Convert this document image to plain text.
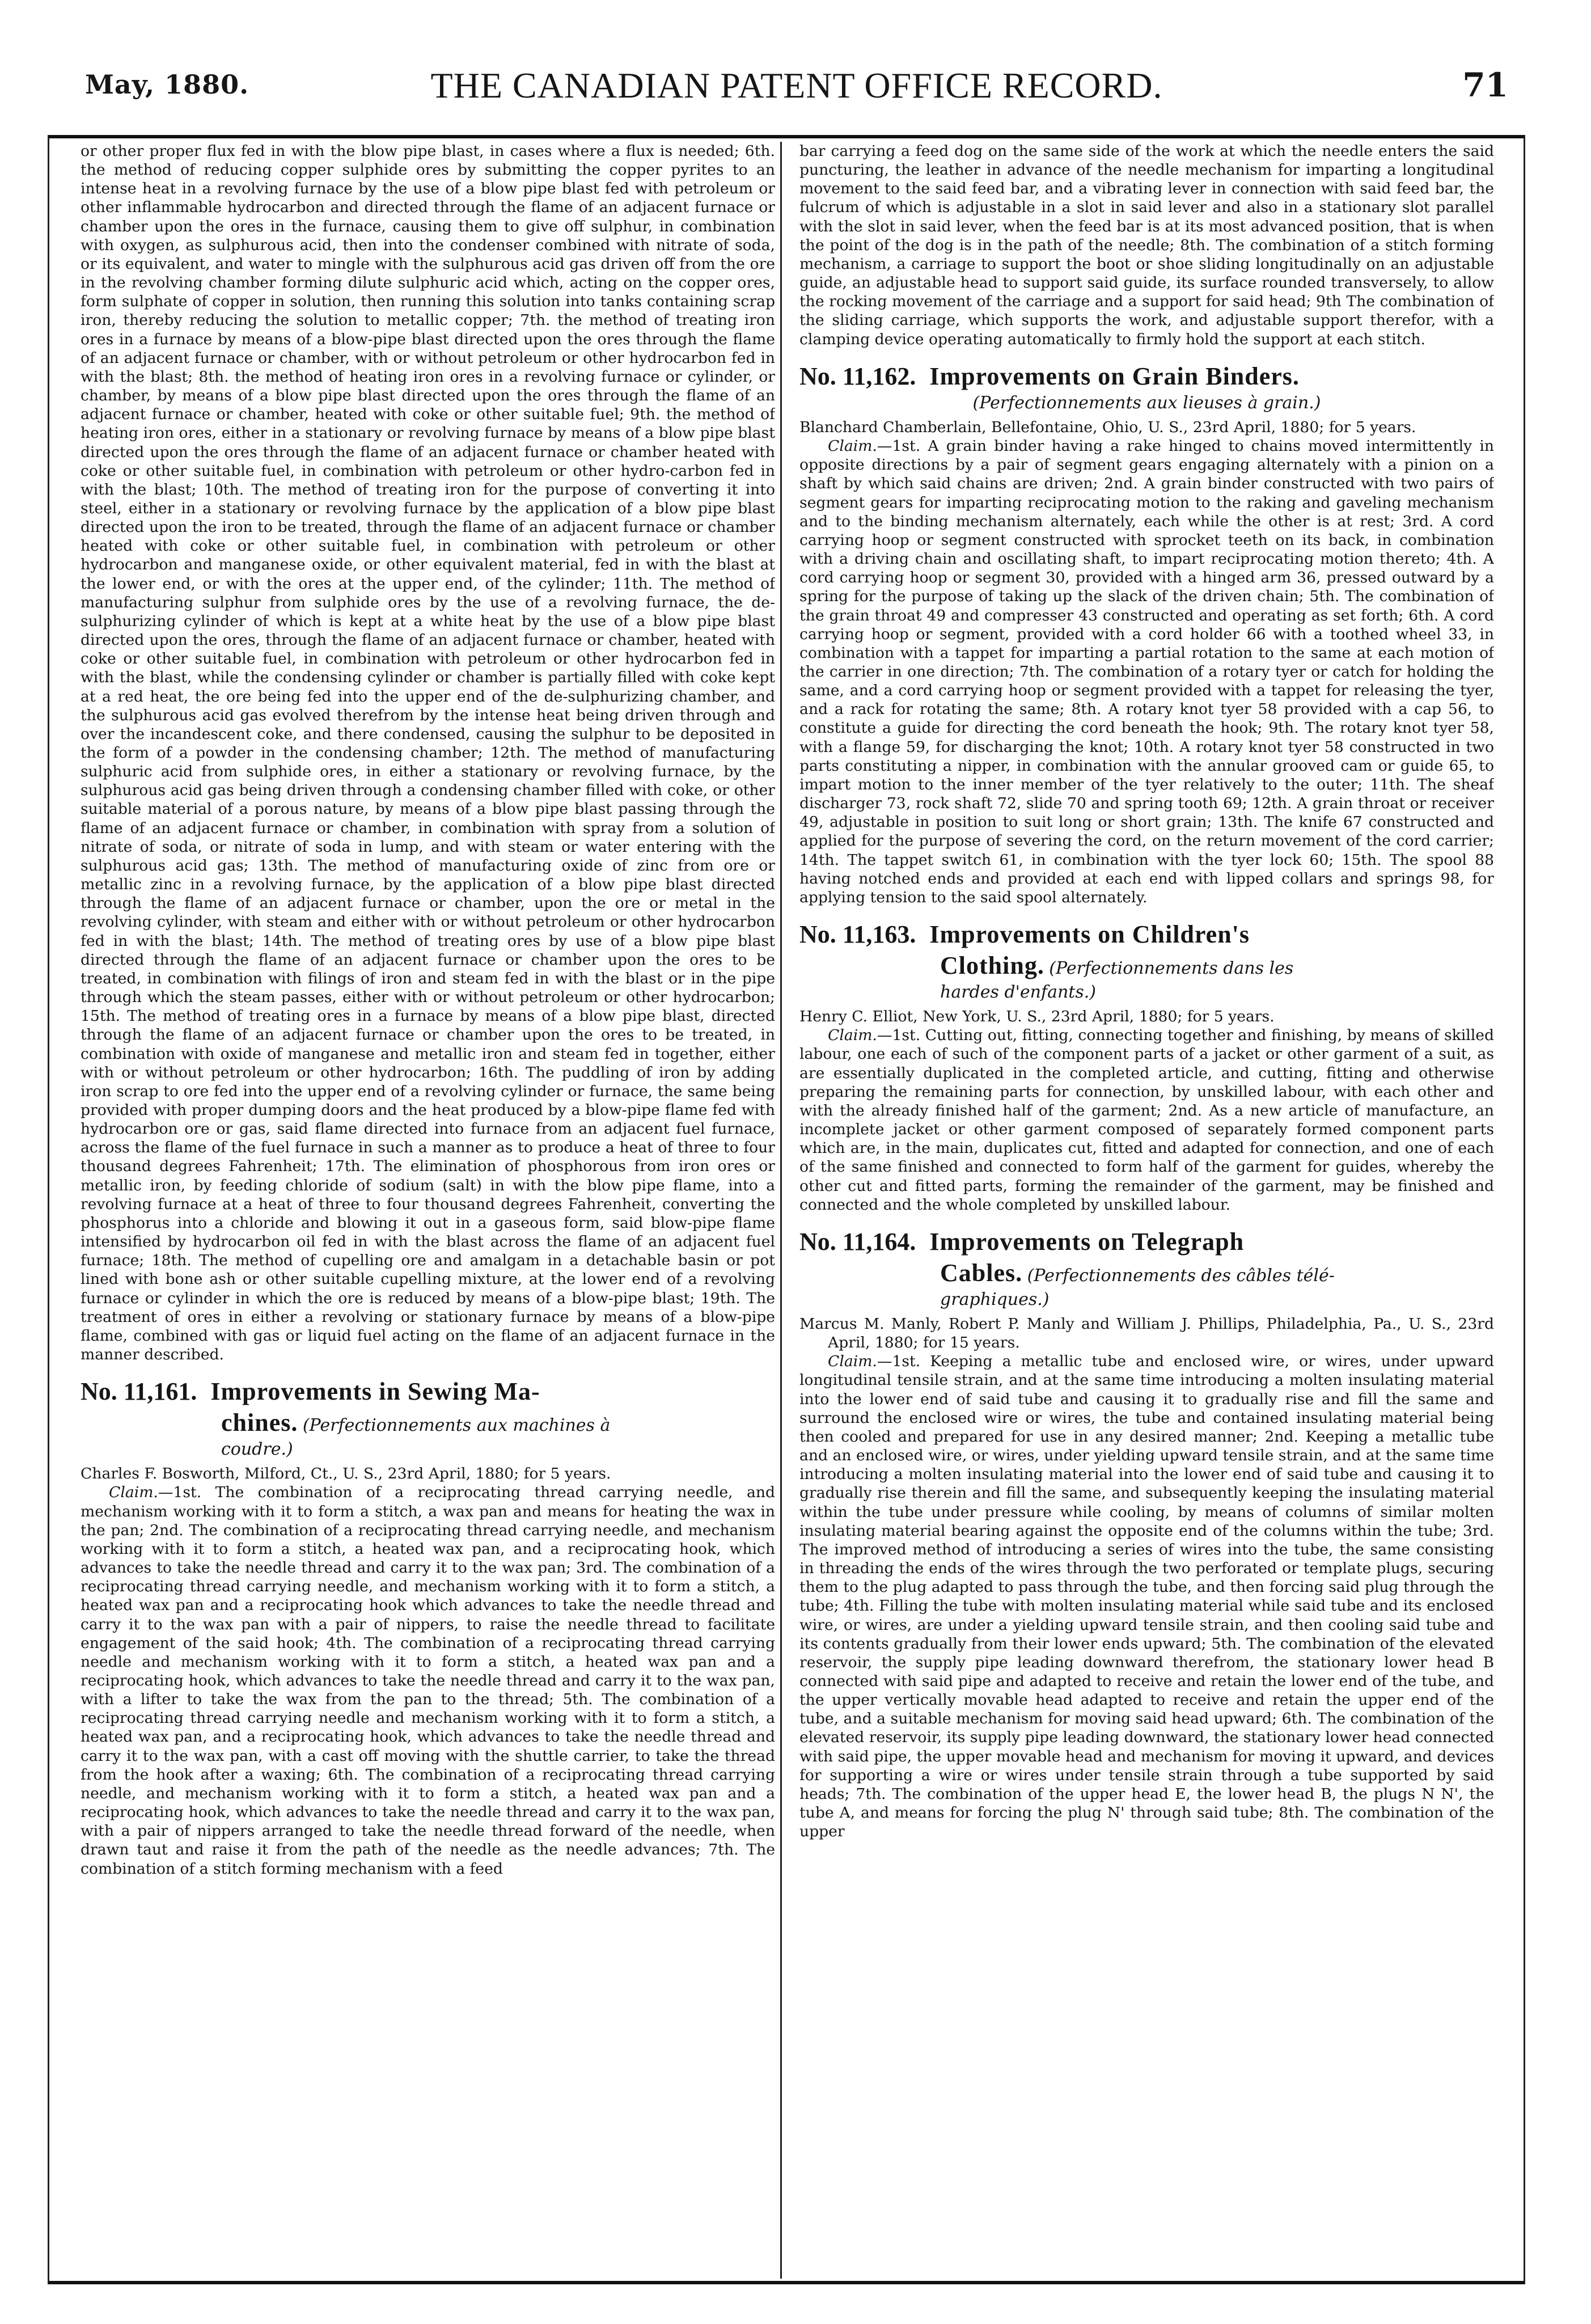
May, 1880.	THE CANADIAN PATENT OFFICE RECORD.	71

or other proper flux fed in with the blow pipe blast, in cases where a flux is needed; 6th. the method of reducing copper sulphide ores by submitting the copper pyrites to an intense heat in a revolving furnace by the use of a blow pipe blast fed with petroleum or other inflammable hydrocarbon and directed through the flame of an adjacent furnace or chamber upon the ores in the furnace, causing them to give off sulphur, in combination with oxygen, as sulphurous acid, then into the condenser combined with nitrate of soda, or its equivalent, and water to mingle with the sulphurous acid gas driven off from the ore in the revolving chamber forming dilute sulphuric acid which, acting on the copper ores, form sulphate of copper in solution, then running this solution into tanks containing scrap iron, thereby reducing the solution to metallic copper; 7th. the method of treating iron ores in a furnace by means of a blow-pipe blast directed upon the ores through the flame of an adjacent furnace or chamber, with or without petroleum or other hydrocarbon fed in with the blast; 8th. the method of heating iron ores in a revolving furnace or cylinder, or chamber, by means of a blow pipe blast directed upon the ores through the flame of an adjacent furnace or chamber, heated with coke or other suitable fuel; 9th. the method of heating iron ores, either in a stationary or revolving furnace by means of a blow pipe blast directed upon the ores through the flame of an adjacent furnace or chamber heated with coke or other suitable fuel, in combination with petroleum or other hydro-carbon fed in with the blast; 10th. The method of treating iron for the purpose of converting it into steel, either in a stationary or revolving furnace by the application of a blow pipe blast directed upon the iron to be treated, through the flame of an adjacent furnace or chamber heated with coke or other suitable fuel, in combination with petroleum or other hydrocarbon and manganese oxide, or other equivalent material, fed in with the blast at the lower end, or with the ores at the upper end, of the cylinder; 11th. The method of manufacturing sulphur from sulphide ores by the use of a revolving furnace, the de-sulphurizing cylinder of which is kept at a white heat by the use of a blow pipe blast directed upon the ores, through the flame of an adjacent furnace or chamber, heated with coke or other suitable fuel, in combination with petroleum or other hydrocarbon fed in with the blast, while the condensing cylinder or chamber is partially filled with coke kept at a red heat, the ore being fed into the upper end of the de-sulphurizing chamber, and the sulphurous acid gas evolved therefrom by the intense heat being driven through and over the incandescent coke, and there condensed, causing the sulphur to be deposited in the form of a powder in the condensing chamber; 12th. The method of manufacturing sulphuric acid from sulphide ores, in either a stationary or revolving furnace, by the sulphurous acid gas being driven through a condensing chamber filled with coke, or other suitable material of a porous nature, by means of a blow pipe blast passing through the flame of an adjacent furnace or chamber, in combination with spray from a solution of nitrate of soda, or nitrate of soda in lump, and with steam or water entering with the sulphurous acid gas; 13th. The method of manufacturing oxide of zinc from ore or metallic zinc in a revolving furnace, by the application of a blow pipe blast directed through the flame of an adjacent furnace or chamber, upon the ore or metal in the revolving cylinder, with steam and either with or without petroleum or other hydrocarbon fed in with the blast; 14th. The method of treating ores by use of a blow pipe blast directed through the flame of an adjacent furnace or chamber upon the ores to be treated, in combination with filings of iron and steam fed in with the blast or in the pipe through which the steam passes, either with or without petroleum or other hydrocarbon; 15th. The method of treating ores in a furnace by means of a blow pipe blast, directed through the flame of an adjacent furnace or chamber upon the ores to be treated, in combination with oxide of manganese and metallic iron and steam fed in together, either with or without petroleum or other hydrocarbon; 16th. The puddling of iron by adding iron scrap to ore fed into the upper end of a revolving cylinder or furnace, the same being provided with proper dumping doors and the heat produced by a blow-pipe flame fed with hydrocarbon ore or gas, said flame directed into furnace from an adjacent fuel furnace, across the flame of the fuel furnace in such a manner as to produce a heat of three to four thousand degrees Fahrenheit; 17th. The elimination of phosphorous from iron ores or metallic iron, by feeding chloride of sodium (salt) in with the blow pipe flame, into a revolving furnace at a heat of three to four thousand degrees Fahrenheit, converting the phosphorus into a chloride and blowing it out in a gaseous form, said blow-pipe flame intensified by hydrocarbon oil fed in with the blast across the flame of an adjacent fuel furnace; 18th. The method of cupelling ore and amalgam in a detachable basin or pot lined with bone ash or other suitable cupelling mixture, at the lower end of a revolving furnace or cylinder in which the ore is reduced by means of a blow-pipe blast; 19th. The treatment of ores in either a revolving or stationary furnace by means of a blow-pipe flame, combined with gas or liquid fuel acting on the flame of an adjacent furnace in the manner described.

No. 11,161. Improvements in Sewing Ma-
chines. (Perfectionnements aux machines à
coudre.)

Charles F. Bosworth, Milford, Ct., U. S., 23rd April, 1880; for 5 years.

Claim.—1st. The combination of a reciprocating thread carrying needle, and mechanism working with it to form a stitch, a wax pan and means for heating the wax in the pan; 2nd. The combination of a reciprocating thread carrying needle, and mechanism working with it to form a stitch, a heated wax pan, and a reciprocating hook, which advances to take the needle thread and carry it to the wax pan; 3rd. The combination of a reciprocating thread carrying needle, and mechanism working with it to form a stitch, a heated wax pan and a reciprocating hook which advances to take the needle thread and carry it to the wax pan with a pair of nippers, to raise the needle thread to facilitate engagement of the said hook; 4th. The combination of a reciprocating thread carrying needle and mechanism working with it to form a stitch, a heated wax pan and a reciprocating hook, which advances to take the needle thread and carry it to the wax pan, with a lifter to take the wax from the pan to the thread; 5th. The combination of a reciprocating thread carrying needle and mechanism working with it to form a stitch, a heated wax pan, and a reciprocating hook, which advances to take the needle thread and carry it to the wax pan, with a cast off moving with the shuttle carrier, to take the thread from the hook after a waxing; 6th. The combination of a reciprocating thread carrying needle, and mechanism working with it to form a stitch, a heated wax pan and a reciprocating hook, which advances to take the needle thread and carry it to the wax pan, with a pair of nippers arranged to take the needle thread forward of the needle, when drawn taut and raise it from the path of the needle as the needle advances; 7th. The combination of a stitch forming mechanism with a feed

bar carrying a feed dog on the same side of the work at which the needle enters the said puncturing, the leather in advance of the needle mechanism for imparting a longitudinal movement to the said feed bar, and a vibrating lever in connection with said feed bar, the fulcrum of which is adjustable in a slot in said lever and also in a stationary slot parallel with the slot in said lever, when the feed bar is at its most advanced position, that is when the point of the dog is in the path of the needle; 8th. The combination of a stitch forming mechanism, a carriage to support the boot or shoe sliding longitudinally on an adjustable guide, an adjustable head to support said guide, its surface rounded transversely, to allow the rocking movement of the carriage and a support for said head; 9th The combination of the sliding carriage, which supports the work, and adjustable support therefor, with a clamping device operating automatically to firmly hold the support at each stitch.

No. 11,162. Improvements on Grain Binders.
(Perfectionnements aux lieuses à grain.)

Blanchard Chamberlain, Bellefontaine, Ohio, U. S., 23rd April, 1880; for 5 years.

Claim.—1st. A grain binder having a rake hinged to chains moved intermittently in opposite directions by a pair of segment gears engaging alternately with a pinion on a shaft by which said chains are driven; 2nd. A grain binder constructed with two pairs of segment gears for imparting reciprocating motion to the raking and gaveling mechanism and to the binding mechanism alternately, each while the other is at rest; 3rd. A cord carrying hoop or segment constructed with sprocket teeth on its back, in combination with a driving chain and oscillating shaft, to impart reciprocating motion thereto; 4th. A cord carrying hoop or segment 30, provided with a hinged arm 36, pressed outward by a spring for the purpose of taking up the slack of the driven chain; 5th. The combination of the grain throat 49 and compresser 43 constructed and operating as set forth; 6th. A cord carrying hoop or segment, provided with a cord holder 66 with a toothed wheel 33, in combination with a tappet for imparting a partial rotation to the same at each motion of the carrier in one direction; 7th. The combination of a rotary tyer or catch for holding the same, and a cord carrying hoop or segment provided with a tappet for releasing the tyer, and a rack for rotating the same; 8th. A rotary knot tyer 58 provided with a cap 56, to constitute a guide for directing the cord beneath the hook; 9th. The rotary knot tyer 58, with a flange 59, for discharging the knot; 10th. A rotary knot tyer 58 constructed in two parts constituting a nipper, in combination with the annular grooved cam or guide 65, to impart motion to the inner member of the tyer relatively to the outer; 11th. The sheaf discharger 73, rock shaft 72, slide 70 and spring tooth 69; 12th. A grain throat or receiver 49, adjustable in position to suit long or short grain; 13th. The knife 67 constructed and applied for the purpose of severing the cord, on the return movement of the cord carrier; 14th. The tappet switch 61, in combination with the tyer lock 60; 15th. The spool 88 having notched ends and provided at each end with lipped collars and springs 98, for applying tension to the said spool alternately.

No. 11,163. Improvements on Children's
Clothing. (Perfectionnements dans les
hardes d'enfants.)

Henry C. Elliot, New York, U. S., 23rd April, 1880; for 5 years.

Claim.—1st. Cutting out, fitting, connecting together and finishing, by means of skilled labour, one each of such of the component parts of a jacket or other garment of a suit, as are essentially duplicated in the completed article, and cutting, fitting and otherwise preparing the remaining parts for connection, by unskilled labour, with each other and with the already finished half of the garment; 2nd. As a new article of manufacture, an incomplete jacket or other garment composed of separately formed component parts which are, in the main, duplicates cut, fitted and adapted for connection, and one of each of the same finished and connected to form half of the garment for guides, whereby the other cut and fitted parts, forming the remainder of the garment, may be finished and connected and the whole completed by unskilled labour.

No. 11,164. Improvements on Telegraph
Cables. (Perfectionnements des câbles télé-
graphiques.)

Marcus M. Manly, Robert P. Manly and William J. Phillips, Philadelphia, Pa., U. S., 23rd April, 1880; for 15 years.

Claim.—1st. Keeping a metallic tube and enclosed wire, or wires, under upward longitudinal tensile strain, and at the same time introducing a molten insulating material into the lower end of said tube and causing it to gradually rise and fill the same and surround the enclosed wire or wires, the tube and contained insulating material being then cooled and prepared for use in any desired manner; 2nd. Keeping a metallic tube and an enclosed wire, or wires, under yielding upward tensile strain, and at the same time introducing a molten insulating material into the lower end of said tube and causing it to gradually rise therein and fill the same, and subsequently keeping the insulating material within the tube under pressure while cooling, by means of columns of similar molten insulating material bearing against the opposite end of the columns within the tube; 3rd. The improved method of introducing a series of wires into the tube, the same consisting in threading the ends of the wires through the two perforated or template plugs, securing them to the plug adapted to pass through the tube, and then forcing said plug through the tube; 4th. Filling the tube with molten insulating material while said tube and its enclosed wire, or wires, are under a yielding upward tensile strain, and then cooling said tube and its contents gradually from their lower ends upward; 5th. The combination of the elevated reservoir, the supply pipe leading downward therefrom, the stationary lower head B connected with said pipe and adapted to receive and retain the lower end of the tube, and the upper vertically movable head adapted to receive and retain the upper end of the tube, and a suitable mechanism for moving said head upward; 6th. The combination of the elevated reservoir, its supply pipe leading downward, the stationary lower head connected with said pipe, the upper movable head and mechanism for moving it upward, and devices for supporting a wire or wires under tensile strain through a tube supported by said heads; 7th. The combination of the upper head E, the lower head B, the plugs N N', the tube A, and means for forcing the plug N' through said tube; 8th. The combination of the upper
